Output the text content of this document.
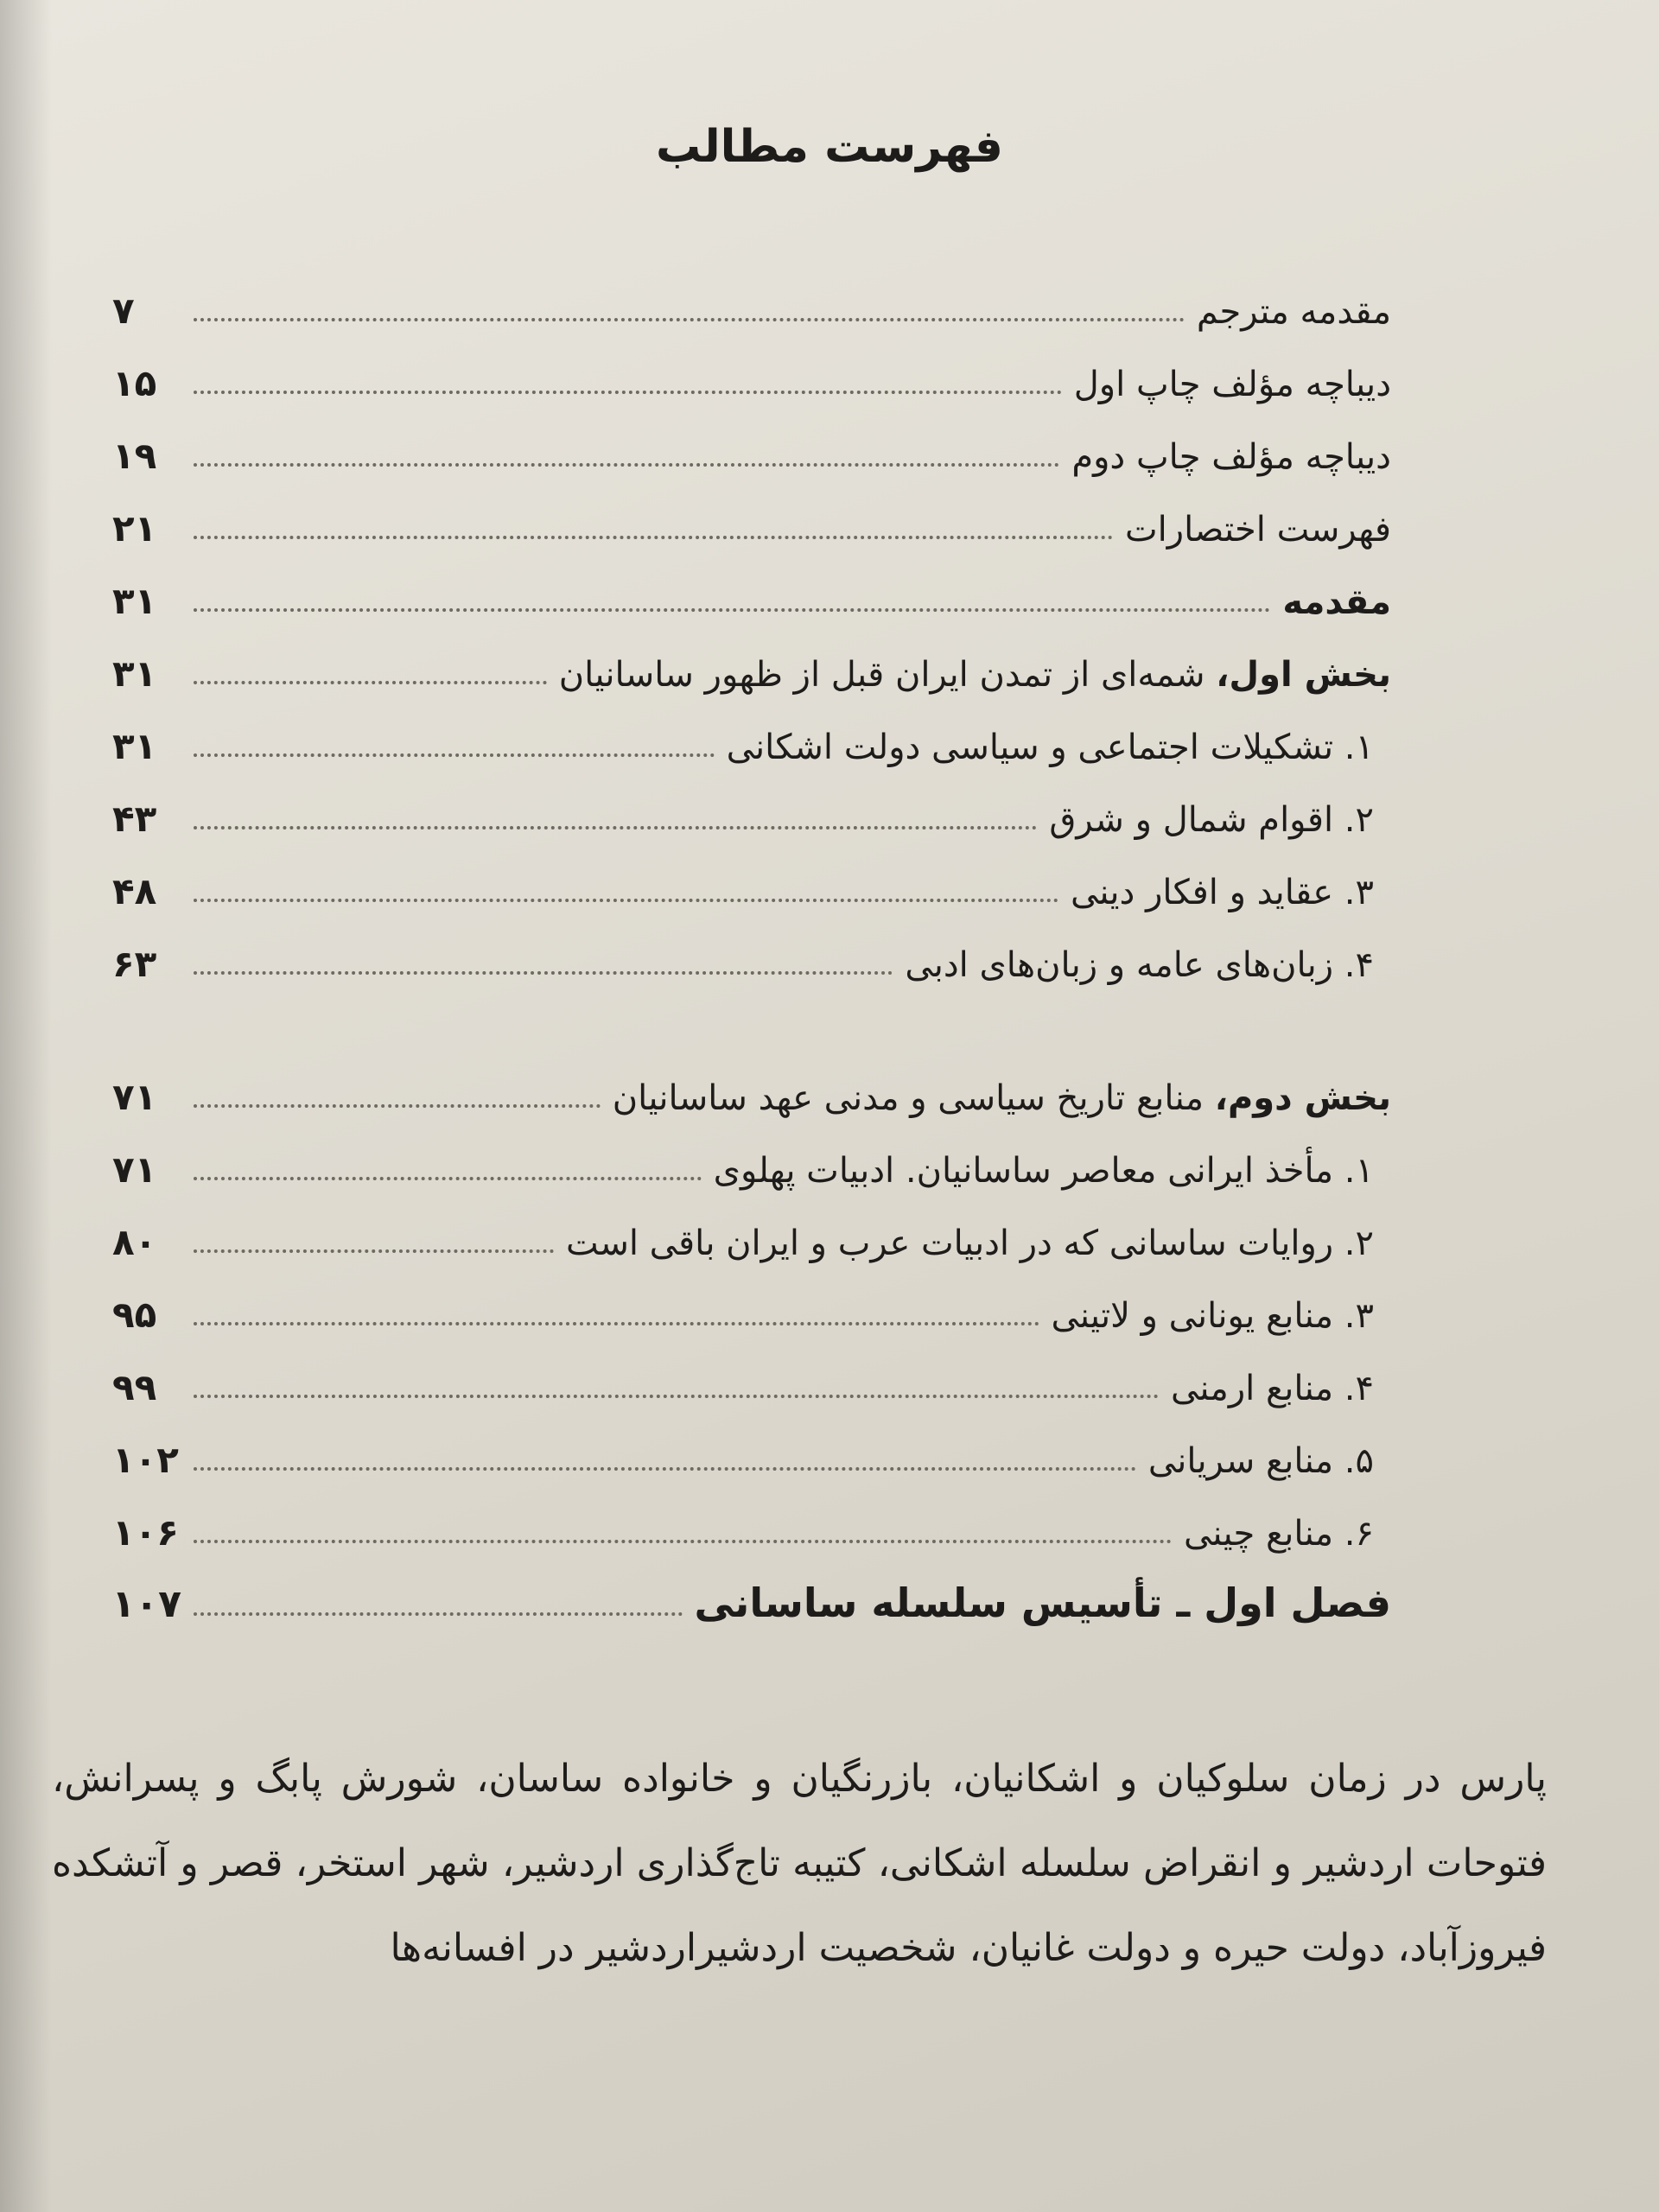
فهرست مطالب
مقدمه مترجم
۷
دیباچه مؤلف چاپ اول
۱۵
دیباچه مؤلف چاپ دوم
۱۹
فهرست اختصارات
۲۱
مقدمه
۳۱
بخش اول، شمه‌ای از تمدن ایران قبل از ظهور ساسانیان
۳۱
۱. تشکیلات اجتماعی و سیاسی دولت اشکانی
۳۱
۲. اقوام شمال و شرق
۴۳
۳. عقاید و افکار دینی
۴۸
۴. زبان‌های عامه و زبان‌های ادبی
۶۳
بخش دوم، منابع تاریخ سیاسی و مدنی عهد ساسانیان
۷۱
۱. مأخذ ایرانی معاصر ساسانیان. ادبیات پهلوی
۷۱
۲. روایات ساسانی که در ادبیات عرب و ایران باقی است
۸۰
۳. منابع یونانی و لاتینی
۹۵
۴. منابع ارمنی
۹۹
۵. منابع سریانی
۱۰۲
۶. منابع چینی
۱۰۶
فصل اول ـ تأسیس سلسله ساسانی
۱۰۷
پارس در زمان سلوکیان و اشکانیان، بازرنگیان و خانواده ساسان، شورش پابگ و پسرانش، فتوحات اردشیر و انقراض سلسله اشکانی، کتیبه تاج‌گذاری اردشیر، شهر استخر، قصر و آتشکده فیروزآباد، دولت حیره و دولت غانیان، شخصیت اردشیراردشیر در افسانه‌ها
